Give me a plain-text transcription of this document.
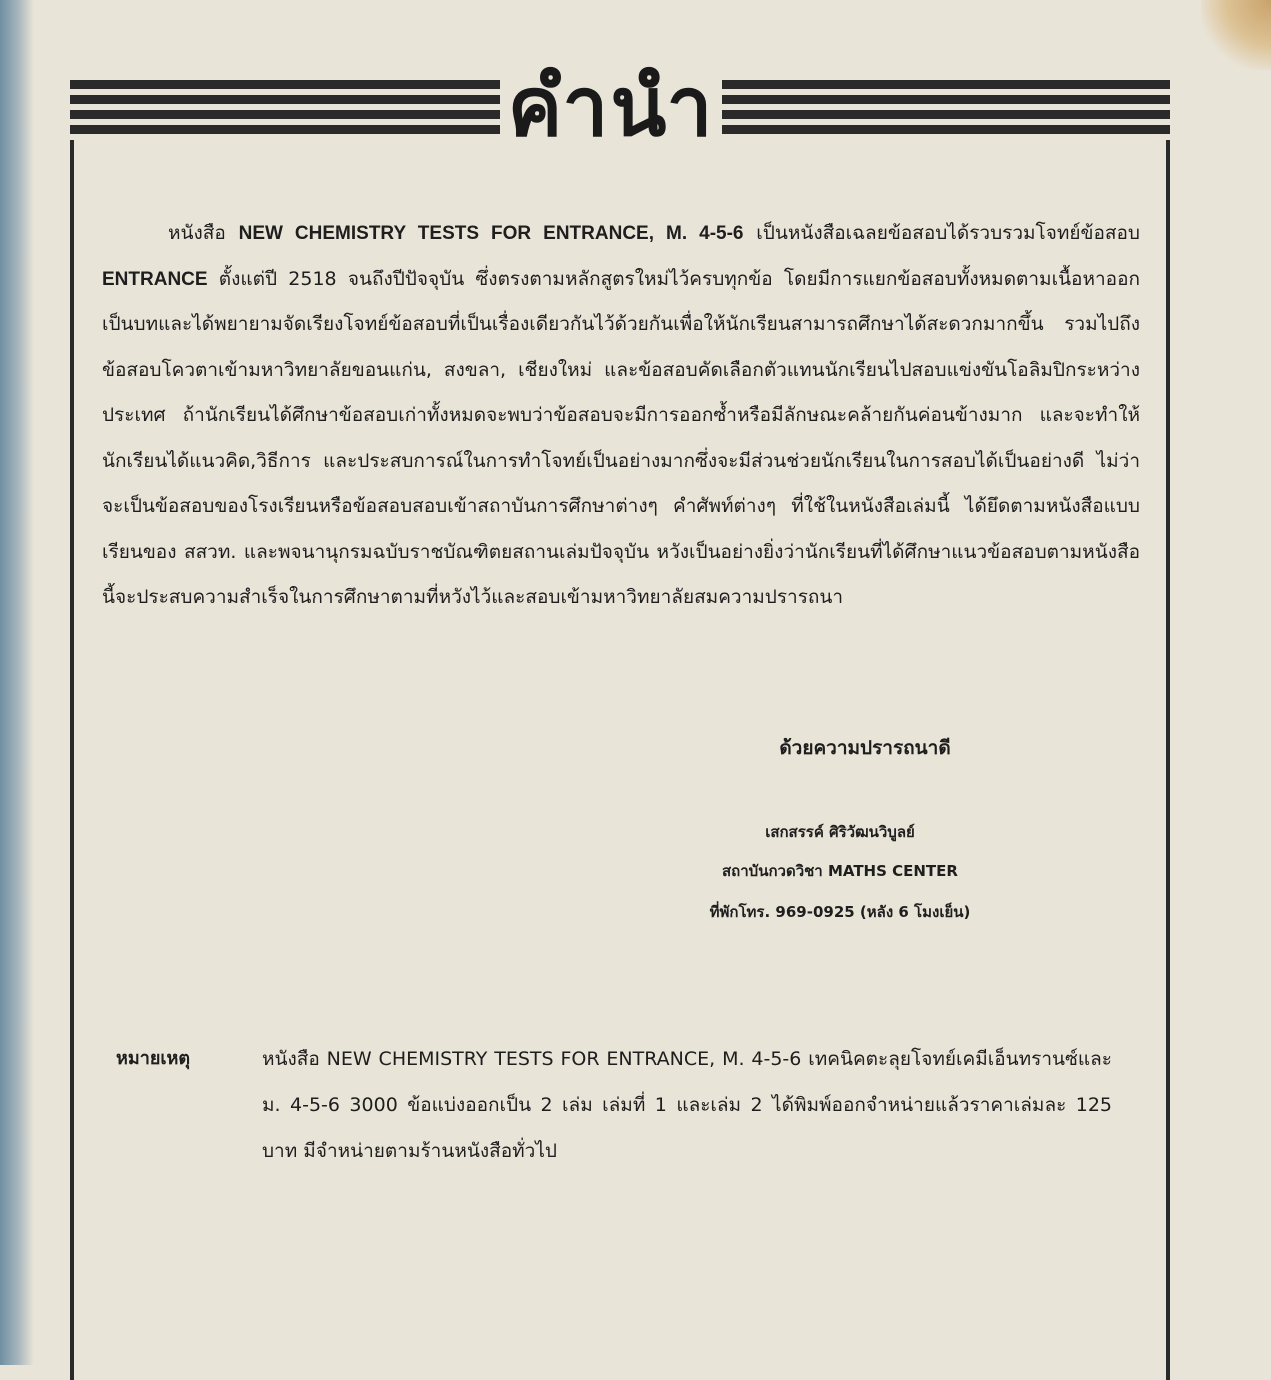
คำนำ

หนังสือ NEW CHEMISTRY TESTS FOR ENTRANCE, M. 4-5-6 เป็นหนังสือเฉลยข้อสอบได้รวบรวมโจทย์ข้อสอบ ENTRANCE ตั้งแต่ปี 2518 จนถึงปีปัจจุบัน ซึ่งตรงตามหลักสูตรใหม่ไว้ครบทุกข้อ โดยมีการแยกข้อสอบทั้งหมดตามเนื้อหาออกเป็นบทและได้พยายามจัดเรียงโจทย์ข้อสอบที่เป็นเรื่องเดียวกันไว้ด้วยกันเพื่อให้นักเรียนสามารถศึกษาได้สะดวกมากขึ้น รวมไปถึงข้อสอบโควตาเข้ามหาวิทยาลัยขอนแก่น, สงขลา, เชียงใหม่ และข้อสอบคัดเลือกตัวแทนนักเรียนไปสอบแข่งขันโอลิมปิกระหว่างประเทศ ถ้านักเรียนได้ศึกษาข้อสอบเก่าทั้งหมดจะพบว่าข้อสอบจะมีการออกซ้ำหรือมีลักษณะคล้ายกันค่อนข้างมาก และจะทำให้นักเรียนได้แนวคิด,วิธีการ และประสบการณ์ในการทำโจทย์เป็นอย่างมากซึ่งจะมีส่วนช่วยนักเรียนในการสอบได้เป็นอย่างดี ไม่ว่าจะเป็นข้อสอบของโรงเรียนหรือข้อสอบสอบเข้าสถาบันการศึกษาต่างๆ คำศัพท์ต่างๆ ที่ใช้ในหนังสือเล่มนี้ ได้ยึดตามหนังสือแบบเรียนของ สสวท. และพจนานุกรมฉบับราชบัณฑิตยสถานเล่มปัจจุบัน หวังเป็นอย่างยิ่งว่านักเรียนที่ได้ศึกษาแนวข้อสอบตามหนังสือนี้จะประสบความสำเร็จในการศึกษาตามที่หวังไว้และสอบเข้ามหาวิทยาลัยสมความปรารถนา

ด้วยความปรารถนาดี
เสกสรรค์ ศิริวัฒนวิบูลย์
สถาบันกวดวิชา MATHS CENTER
ที่พักโทร. 969-0925 (หลัง 6 โมงเย็น)
หมายเหตุ	หนังสือ NEW CHEMISTRY TESTS FOR ENTRANCE, M. 4-5-6 เทคนิคตะลุยโจทย์เคมีเอ็นทรานซ์และ ม. 4-5-6 3000 ข้อแบ่งออกเป็น 2 เล่ม เล่มที่ 1 และเล่ม 2 ได้พิมพ์ออกจำหน่ายแล้วราคาเล่มละ 125 บาท มีจำหน่ายตามร้านหนังสือทั่วไป
